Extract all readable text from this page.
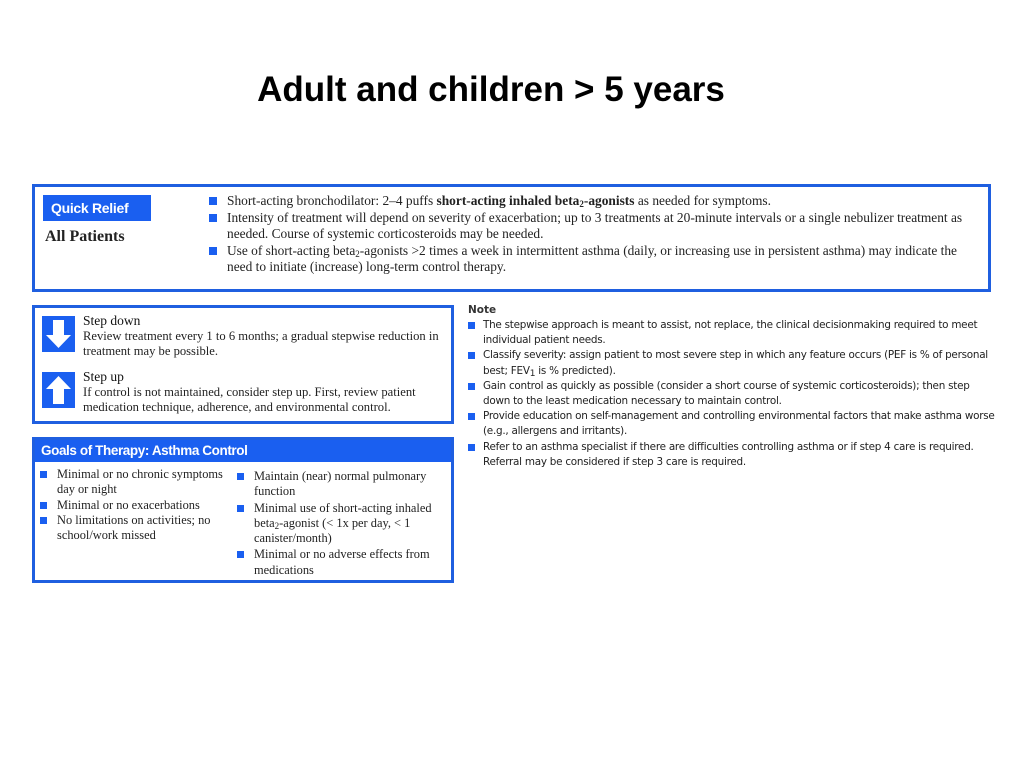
Adult and children > 5 years
Quick Relief
All Patients
Short-acting bronchodilator: 2–4 puffs short-acting inhaled beta$_2$-agonists as needed for symptoms.
Intensity of treatment will depend on severity of exacerbation; up to 3 treatments at 20-minute intervals or a single nebulizer treatment as needed. Course of systemic corticosteroids may be needed.
Use of short-acting beta$_2$-agonists >2 times a week in intermittent asthma (daily, or increasing use in persistent asthma) may indicate the need to initiate (increase) long-term control therapy.
Step down
Review treatment every 1 to 6 months; a gradual stepwise reduction in treatment may be possible.
Step up
If control is not maintained, consider step up. First, review patient medication technique, adherence, and environmental control.
Goals of Therapy: Asthma Control
Minimal or no chronic symptoms day or night
Minimal or no exacerbations
No limitations on activities; no school/work missed
Maintain (near) normal pulmonary function
Minimal use of short-acting inhaled beta$_2$-agonist (< 1x per day, < 1 canister/month)
Minimal or no adverse effects from medications
Note
The stepwise approach is meant to assist, not replace, the clinical decisionmaking required to meet individual patient needs.
Classify severity: assign patient to most severe step in which any feature occurs (PEF is % of personal best; $FEV_1$ is % predicted).
Gain control as quickly as possible (consider a short course of systemic corticosteroids); then step down to the least medication necessary to maintain control.
Provide education on self-management and controlling environmental factors that make asthma worse (e.g., allergens and irritants).
Refer to an asthma specialist if there are difficulties controlling asthma or if step 4 care is required. Referral may be considered if step 3 care is required.
